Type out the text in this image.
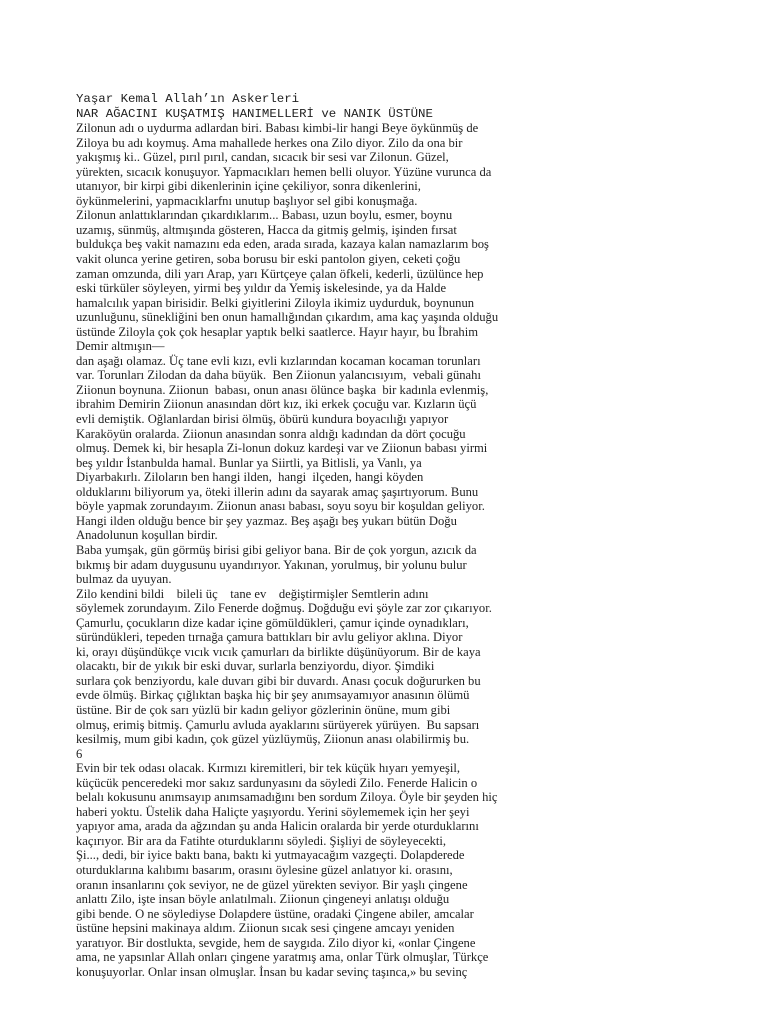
Yaşar Kemal Allah’ın Askerleri
NAR AĞACINI KUŞATMIŞ HANIMELLERİ ve NANIK ÜSTÜNE
Zilonun adı o uydurma adlardan biri. Babası kimbi-lir hangi Beye öykünmüş de
Ziloya bu adı koymuş. Ama mahallede herkes ona Zilo diyor. Zilo da ona bir
yakışmış ki.. Güzel, pırıl pırıl, candan, sıcacık bir sesi var Zilonun. Güzel,
yürekten, sıcacık konuşuyor. Yapmacıkları hemen belli oluyor. Yüzüne vurunca da
utanıyor, bir kirpi gibi dikenlerinin içine çekiliyor, sonra dikenlerini,
öykünmelerini, yapmacıklarfnı unutup başlıyor sel gibi konuşmağa.
Zilonun anlattıklarından çıkardıklarım... Babası, uzun boylu, esmer, boynu
uzamış, sünmüş, altmışında gösteren, Hacca da gitmiş gelmiş, işinden fırsat
buldukça beş vakit namazını eda eden, arada sırada, kazaya kalan namazlarım boş
vakit olunca yerine getiren, soba borusu bir eski pantolon giyen, ceketi çoğu
zaman omzunda, dili yarı Arap, yarı Kürtçeye çalan öfkeli, kederli, üzülünce hep
eski türküler söyleyen, yirmi beş yıldır da Yemiş iskelesinde, ya da Halde
hamalcılık yapan birisidir. Belki giyitlerini Ziloyla ikimiz uydurduk, boynunun
uzunluğunu, sünekliğini ben onun hamallığından çıkardım, ama kaç yaşında olduğu
üstünde Ziloyla çok çok hesaplar yaptık belki saatlerce. Hayır hayır, bu İbrahim
Demir altmışın—
dan aşağı olamaz. Üç tane evli kızı, evli kızlarından kocaman kocaman torunları
var. Torunları Zilodan da daha büyük.  Ben Ziionun yalancısıyım,  vebali günahı
Ziionun boynuna. Ziionun  babası, onun anası ölünce başka  bir kadınla evlenmiş,
ibrahim Demirin Ziionun anasından dört kız, iki erkek çocuğu var. Kızların üçü
evli demiştik. Oğlanlardan birisi ölmüş, öbürü kundura boyacılığı yapıyor
Karaköyün oralarda. Ziionun anasından sonra aldığı kadından da dört çocuğu
olmuş. Demek ki, bir hesapla Zi-lonun dokuz kardeşi var ve Ziionun babası yirmi
beş yıldır İstanbulda hamal. Bunlar ya Siirtli, ya Bitlisli, ya Vanlı, ya
Diyarbakırlı. Ziloların ben hangi ilden,  hangi  ilçeden, hangi köyden
olduklarını biliyorum ya, öteki illerin adını da sayarak amaç şaşırtıyorum. Bunu
böyle yapmak zorundayım. Ziionun anası babası, soyu soyu bir koşuldan geliyor.
Hangi ilden olduğu bence bir şey yazmaz. Beş aşağı beş yukarı bütün Doğu
Anadolunun koşullan birdir.
Baba yumşak, gün görmüş birisi gibi geliyor bana. Bir de çok yorgun, azıcık da
bıkmış bir adam duygusunu uyandırıyor. Yakınan, yorulmuş, bir yolunu bulur
bulmaz da uyuyan.
Zilo kendini bildi    bileli üç    tane ev    değiştirmişler Semtlerin adını
söylemek zorundayım. Zilo Fenerde doğmuş. Doğduğu evi şöyle zar zor çıkarıyor.
Çamurlu, çocukların dize kadar içine gömüldükleri, çamur içinde oynadıkları,
süründükleri, tepeden tırnağa çamura battıkları bir avlu geliyor aklına. Diyor
ki, orayı düşündükçe vıcık vıcık çamurları da birlikte düşünüyorum. Bir de kaya
olacaktı, bir de yıkık bir eski duvar, surlarla benziyordu, diyor. Şimdiki
surlara çok benziyordu, kale duvarı gibi bir duvardı. Anası çocuk doğururken bu
evde ölmüş. Birkaç çığlıktan başka hiç bir şey anımsayamıyor anasının ölümü
üstüne. Bir de çok sarı yüzlü bir kadın geliyor gözlerinin önüne, mum gibi
olmuş, erimiş bitmiş. Çamurlu avluda ayaklarını sürüyerek yürüyen.  Bu sapsarı
kesilmiş, mum gibi kadın, çok güzel yüzlüymüş, Ziionun anası olabilirmiş bu.
6
Evin bir tek odası olacak. Kırmızı kiremitleri, bir tek küçük hıyarı yemyeşil,
küçücük penceredeki mor sakız sardunyasını da söyledi Zilo. Fenerde Halicin o
belalı kokusunu anımsayıp anımsamadığını ben sordum Ziloya. Öyle bir şeyden hiç
haberi yoktu. Üstelik daha Haliçte yaşıyordu. Yerini söylememek için her şeyi
yapıyor ama, arada da ağzından şu anda Halicin oralarda bir yerde oturduklarını
kaçırıyor. Bir ara da Fatihte oturduklarını söyledi. Şişliyi de söyleyecekti,
Şi..., dedi, bir iyice baktı bana, baktı ki yutmayacağım vazgeçti. Dolapderede
oturduklarına kalıbımı basarım, orasını öylesine güzel anlatıyor ki. orasını,
oranın insanlarını çok seviyor, ne de güzel yürekten seviyor. Bir yaşlı çingene
anlattı Zilo, işte insan böyle anlatılmalı. Ziionun çingeneyi anlatışı olduğu
gibi bende. O ne söylediyse Dolapdere üstüne, oradaki Çingene abiler, amcalar
üstüne hepsini makinaya aldım. Ziionun sıcak sesi çingene amcayı yeniden
yaratıyor. Bir dostlukta, sevgide, hem de saygıda. Zilo diyor ki, «onlar Çingene
ama, ne yapsınlar Allah onları çingene yaratmış ama, onlar Türk olmuşlar, Türkçe
konuşuyorlar. Onlar insan olmuşlar. İnsan bu kadar sevinç taşınca,» bu sevinç
